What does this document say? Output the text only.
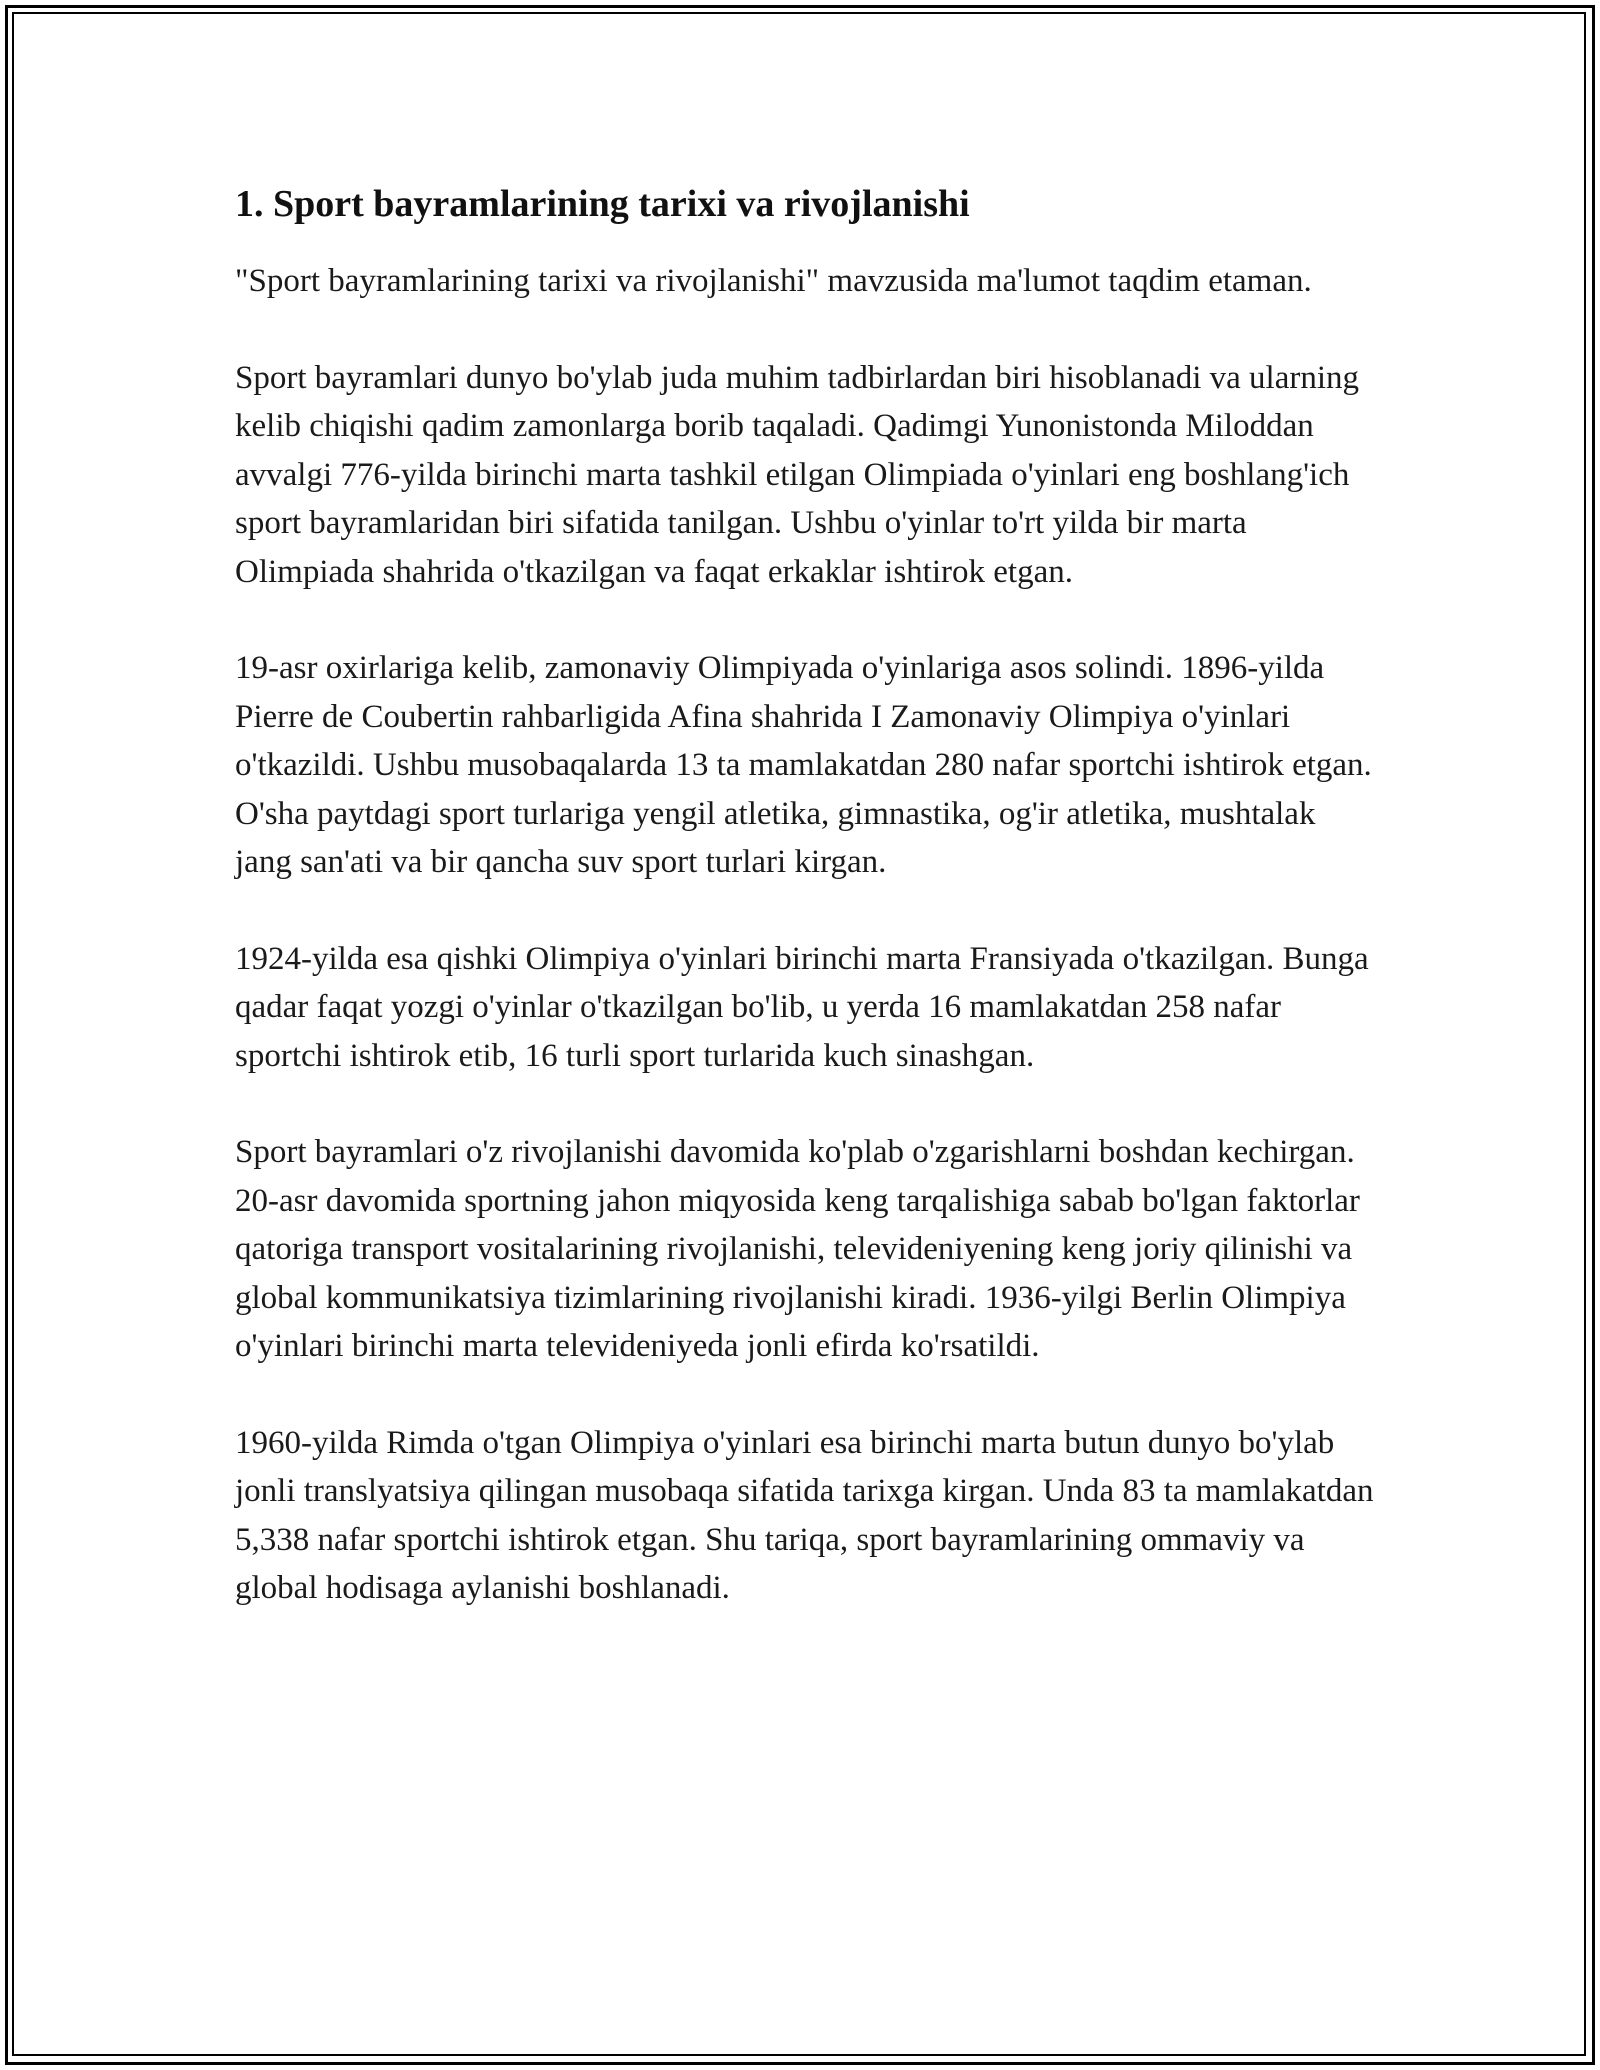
1. Sport bayramlarining tarixi va rivojlanishi

"Sport bayramlarining tarixi va rivojlanishi" mavzusida ma'lumot taqdim etaman.

Sport bayramlari dunyo bo'ylab juda muhim tadbirlardan biri hisoblanadi va ularning kelib chiqishi qadim zamonlarga borib taqaladi. Qadimgi Yunonistonda Miloddan avvalgi 776-yilda birinchi marta tashkil etilgan Olimpiada o'yinlari eng boshlang'ich sport bayramlaridan biri sifatida tanilgan. Ushbu o'yinlar to'rt yilda bir marta Olimpiada shahrida o'tkazilgan va faqat erkaklar ishtirok etgan.

19-asr oxirlariga kelib, zamonaviy Olimpiyada o'yinlariga asos solindi. 1896-yilda Pierre de Coubertin rahbarligida Afina shahrida I Zamonaviy Olimpiya o'yinlari o'tkazildi. Ushbu musobaqalarda 13 ta mamlakatdan 280 nafar sportchi ishtirok etgan. O'sha paytdagi sport turlariga yengil atletika, gimnastika, og'ir atletika, mushtalak jang san'ati va bir qancha suv sport turlari kirgan.

1924-yilda esa qishki Olimpiya o'yinlari birinchi marta Fransiyada o'tkazilgan. Bunga qadar faqat yozgi o'yinlar o'tkazilgan bo'lib, u yerda 16 mamlakatdan 258 nafar sportchi ishtirok etib, 16 turli sport turlarida kuch sinashgan.

Sport bayramlari o'z rivojlanishi davomida ko'plab o'zgarishlarni boshdan kechirgan. 20-asr davomida sportning jahon miqyosida keng tarqalishiga sabab bo'lgan faktorlar qatoriga transport vositalarining rivojlanishi, televideniyening keng joriy qilinishi va global kommunikatsiya tizimlarining rivojlanishi kiradi. 1936-yilgi Berlin Olimpiya o'yinlari birinchi marta televideniyeda jonli efirda ko'rsatildi.

1960-yilda Rimda o'tgan Olimpiya o'yinlari esa birinchi marta butun dunyo bo'ylab jonli translyatsiya qilingan musobaqa sifatida tarixga kirgan. Unda 83 ta mamlakatdan 5,338 nafar sportchi ishtirok etgan. Shu tariqa, sport bayramlarining ommaviy va global hodisaga aylanishi boshlanadi.
